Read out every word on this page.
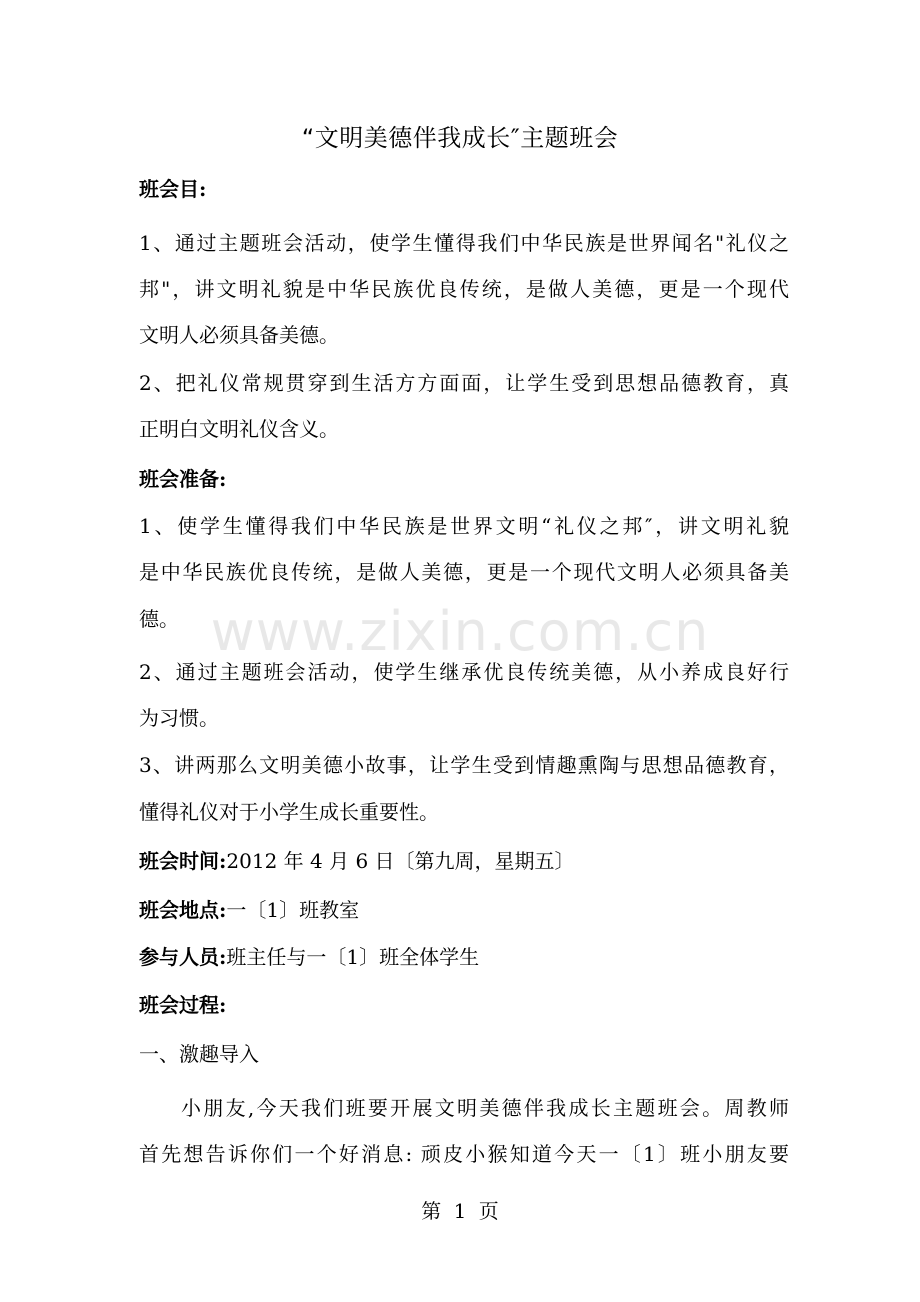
“文明美德伴我成长″主题班会
班会目:
1、通过主题班会活动，使学生懂得我们中华民族是世界闻名"礼仪之
邦"，讲文明礼貌是中华民族优良传统，是做人美德，更是一个现代
文明人必须具备美德。
2、把礼仪常规贯穿到生活方方面面，让学生受到思想品德教育，真
正明白文明礼仪含义。
班会准备:
1、使学生懂得我们中华民族是世界文明“礼仪之邦″，讲文明礼貌
是中华民族优良传统，是做人美德，更是一个现代文明人必须具备美
德。
2、通过主题班会活动，使学生继承优良传统美德，从小养成良好行
为习惯。
3、讲两那么文明美德小故事，让学生受到情趣熏陶与思想品德教育，
懂得礼仪对于小学生成长重要性。
班会时间:2012 年 4 月 6 日〔第九周，星期五〕
班会地点:一〔1〕班教室
参与人员:班主任与一〔1〕班全体学生
班会过程:
一、激趣导入
小朋友,今天我们班要开展文明美德伴我成长主题班会。周教师
首先想告诉你们一个好消息: 顽皮小猴知道今天一〔1〕班小朋友要
www.zixin.com.cn
第 1 页
